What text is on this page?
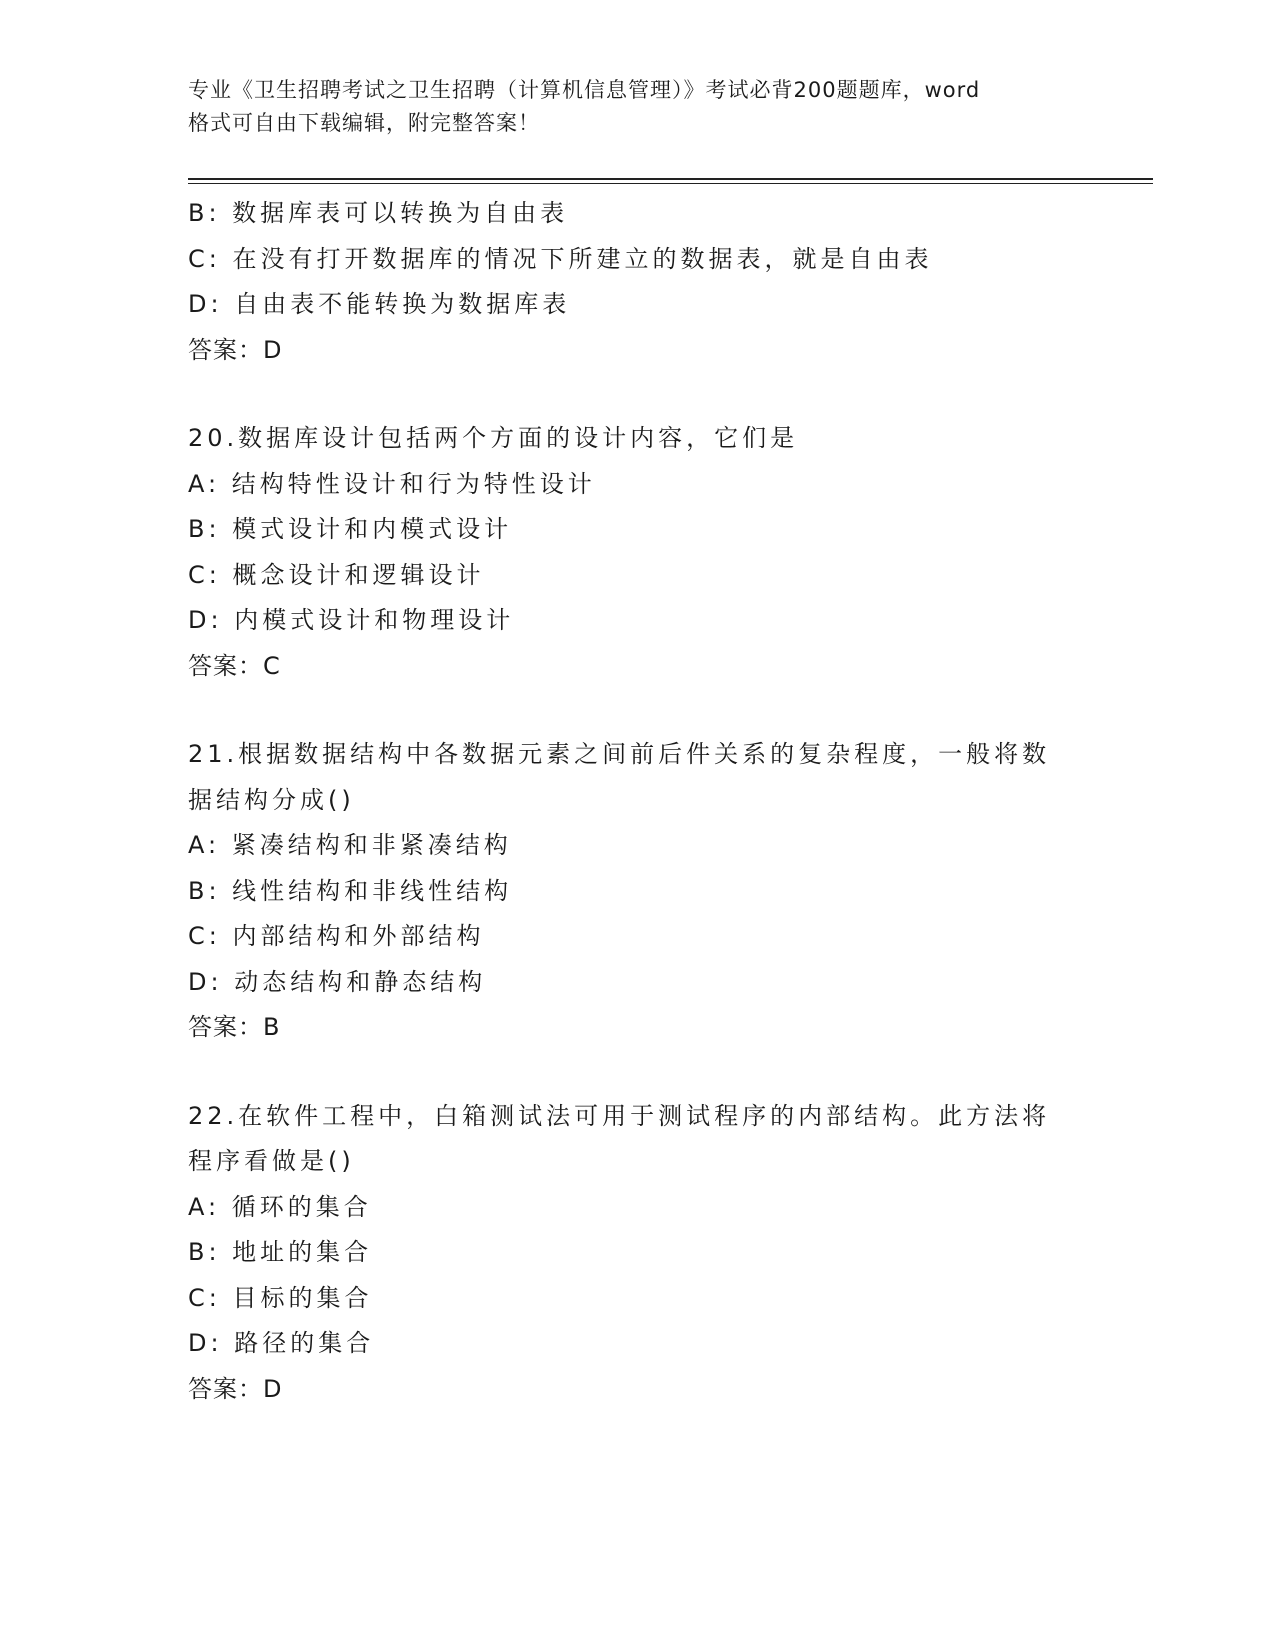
专业《卫生招聘考试之卫生招聘（计算机信息管理）》考试必背200题题库，word
格式可自由下载编辑，附完整答案！
B: 数据库表可以转换为自由表
C: 在没有打开数据库的情况下所建立的数据表，就是自由表
D: 自由表不能转换为数据库表
答案：D
20.数据库设计包括两个方面的设计内容，它们是
A: 结构特性设计和行为特性设计
B: 模式设计和内模式设计
C: 概念设计和逻辑设计
D: 内模式设计和物理设计
答案：C
21.根据数据结构中各数据元素之间前后件关系的复杂程度，一般将数
据结构分成()
A: 紧凑结构和非紧凑结构
B: 线性结构和非线性结构
C: 内部结构和外部结构
D: 动态结构和静态结构
答案：B
22.在软件工程中，白箱测试法可用于测试程序的内部结构。此方法将
程序看做是()
A: 循环的集合
B: 地址的集合
C: 目标的集合
D: 路径的集合
答案：D
